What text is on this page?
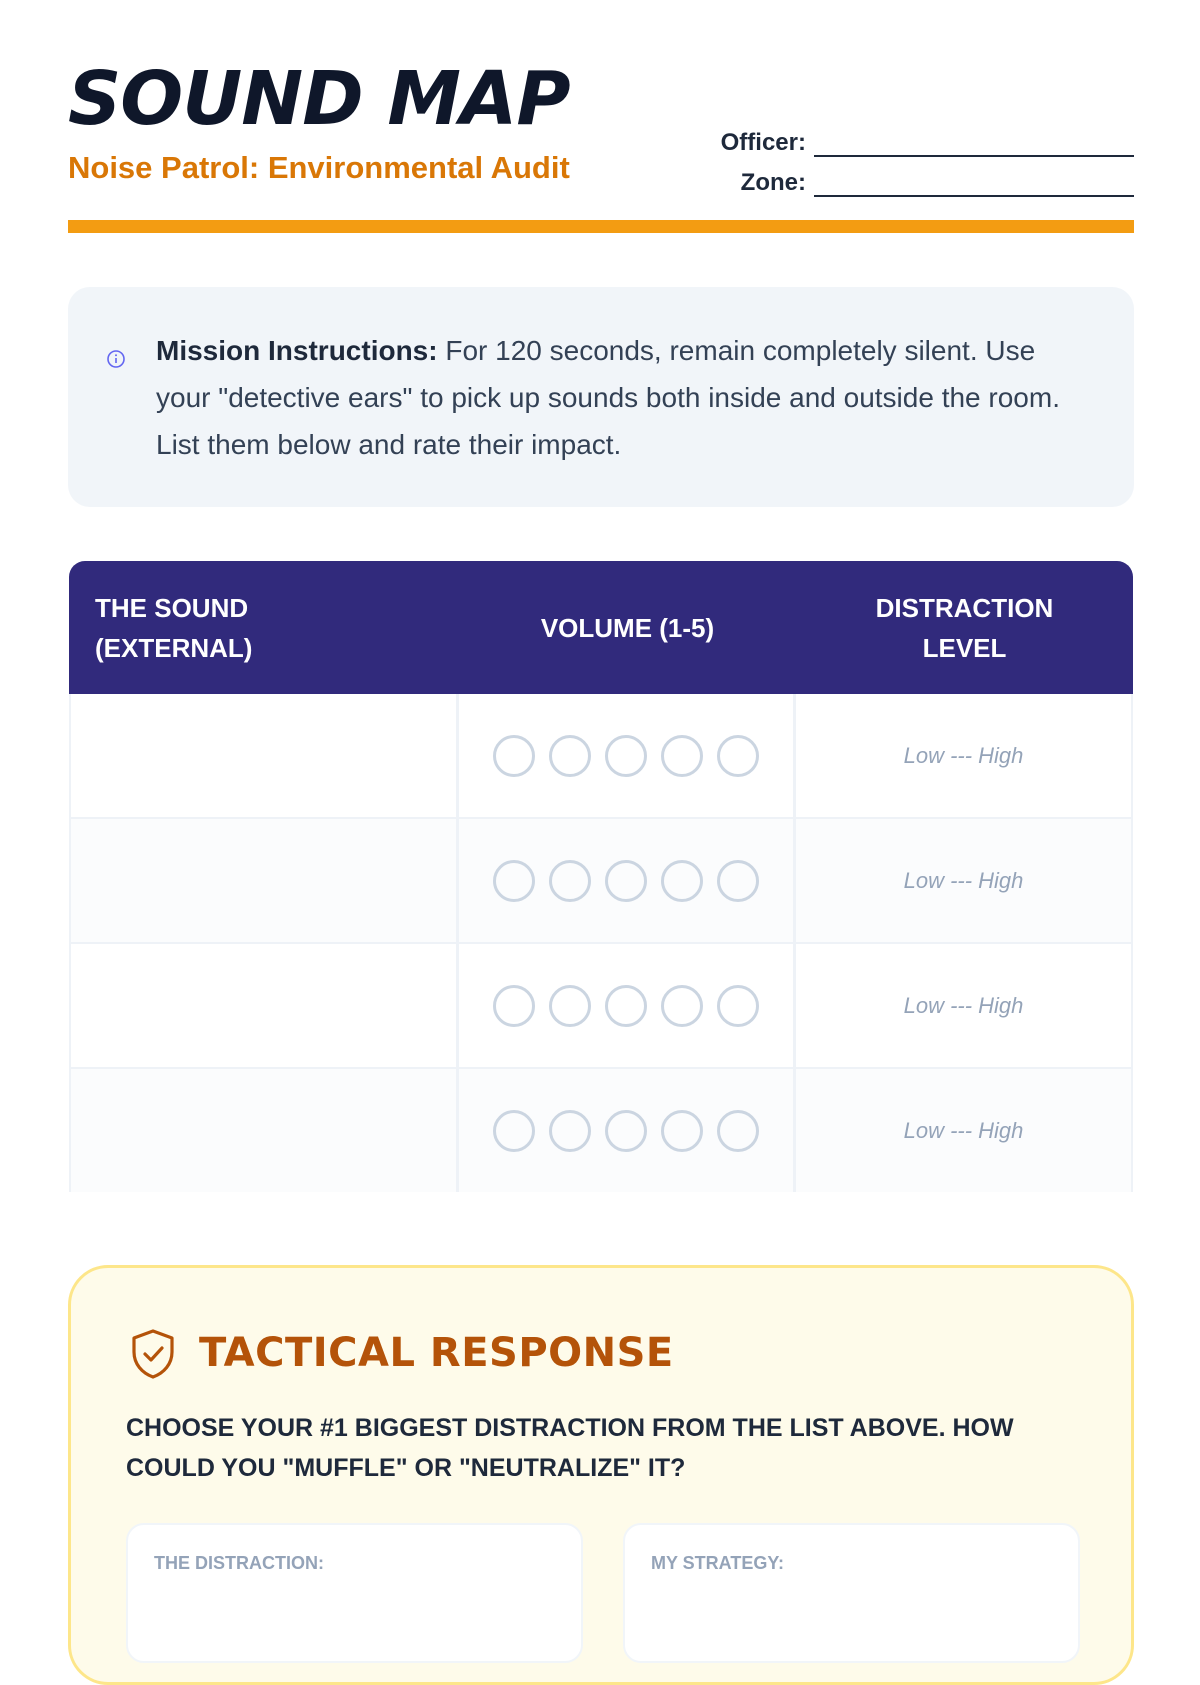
SOUND MAP
Noise Patrol: Environmental Audit
Officer:
Zone:
Mission Instructions: For 120 seconds, remain completely silent. Use your "detective ears" to pick up sounds both inside and outside the room. List them below and rate their impact.
THE SOUND (EXTERNAL)
VOLUME (1-5)
DISTRACTION LEVEL
Low --- High
Low --- High
Low --- High
Low --- High
TACTICAL RESPONSE
CHOOSE YOUR #1 BIGGEST DISTRACTION FROM THE LIST ABOVE. HOW COULD YOU "MUFFLE" OR "NEUTRALIZE" IT?
THE DISTRACTION:	MY STRATEGY:
